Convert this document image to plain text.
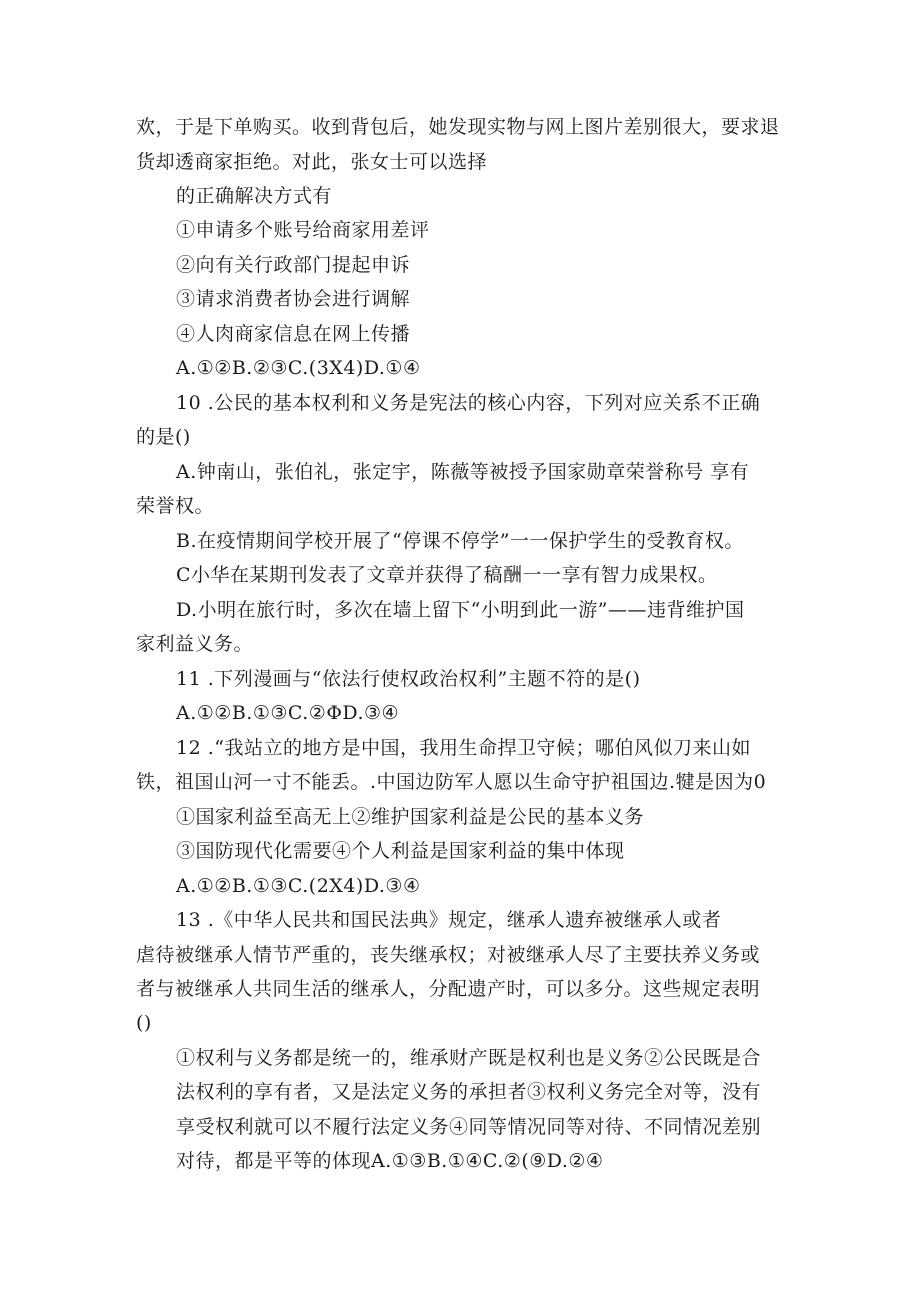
欢，于是下单购买。收到背包后，她发现实物与网上图片差别很大，要求退
货却透商家拒绝。对此，张女士可以选择
的正确解决方式有
①申请多个账号给商家用差评
②向有关行政部门提起申诉
③请求消费者协会进行调解
④人肉商家信息在网上传播
A.①②B.②③C.(3X4)D.①④
10 .公民的基本权利和义务是宪法的核心内容，下列对应关系不正确
的是()
A.钟南山，张伯礼，张定宇，陈薇等被授予国家勋章荣誉称号 享有
荣誉权。
B.在疫情期间学校开展了“停课不停学”一一保护学生的受教育权。
C小华在某期刊发表了文章并获得了稿酬一一享有智力成果权。
D.小明在旅行时，多次在墙上留下“小明到此一游”——违背维护国
家利益义务。
11 .下列漫画与“依法行使权政治权利”主题不符的是()
A.①②B.①③C.②ΦD.③④
12 .“我站立的地方是中国，我用生命捍卫守候；哪伯风似刀来山如
铁，祖国山河一寸不能丢。.中国边防军人愿以生命守护祖国边.犍是因为0
①国家利益至高无上②维护国家利益是公民的基本义务
③国防现代化需要④个人利益是国家利益的集中体现
A.①②B.①③C.(2X4)D.③④
13 .《中华人民共和国民法典》规定，继承人遗弃被继承人或者
虐待被继承人情节严重的，丧失继承权；对被继承人尽了主要扶养义务或
者与被继承人共同生活的继承人，分配遗产时，可以多分。这些规定表明
()
①权利与义务都是统一的，维承财产既是权利也是义务②公民既是合
法权利的享有者，又是法定义务的承担者③权利义务完全对等，没有
享受权利就可以不履行法定义务④同等情况同等对待、不同情况差别
对待，都是平等的体现A.①③B.①④C.②(⑨D.②④
